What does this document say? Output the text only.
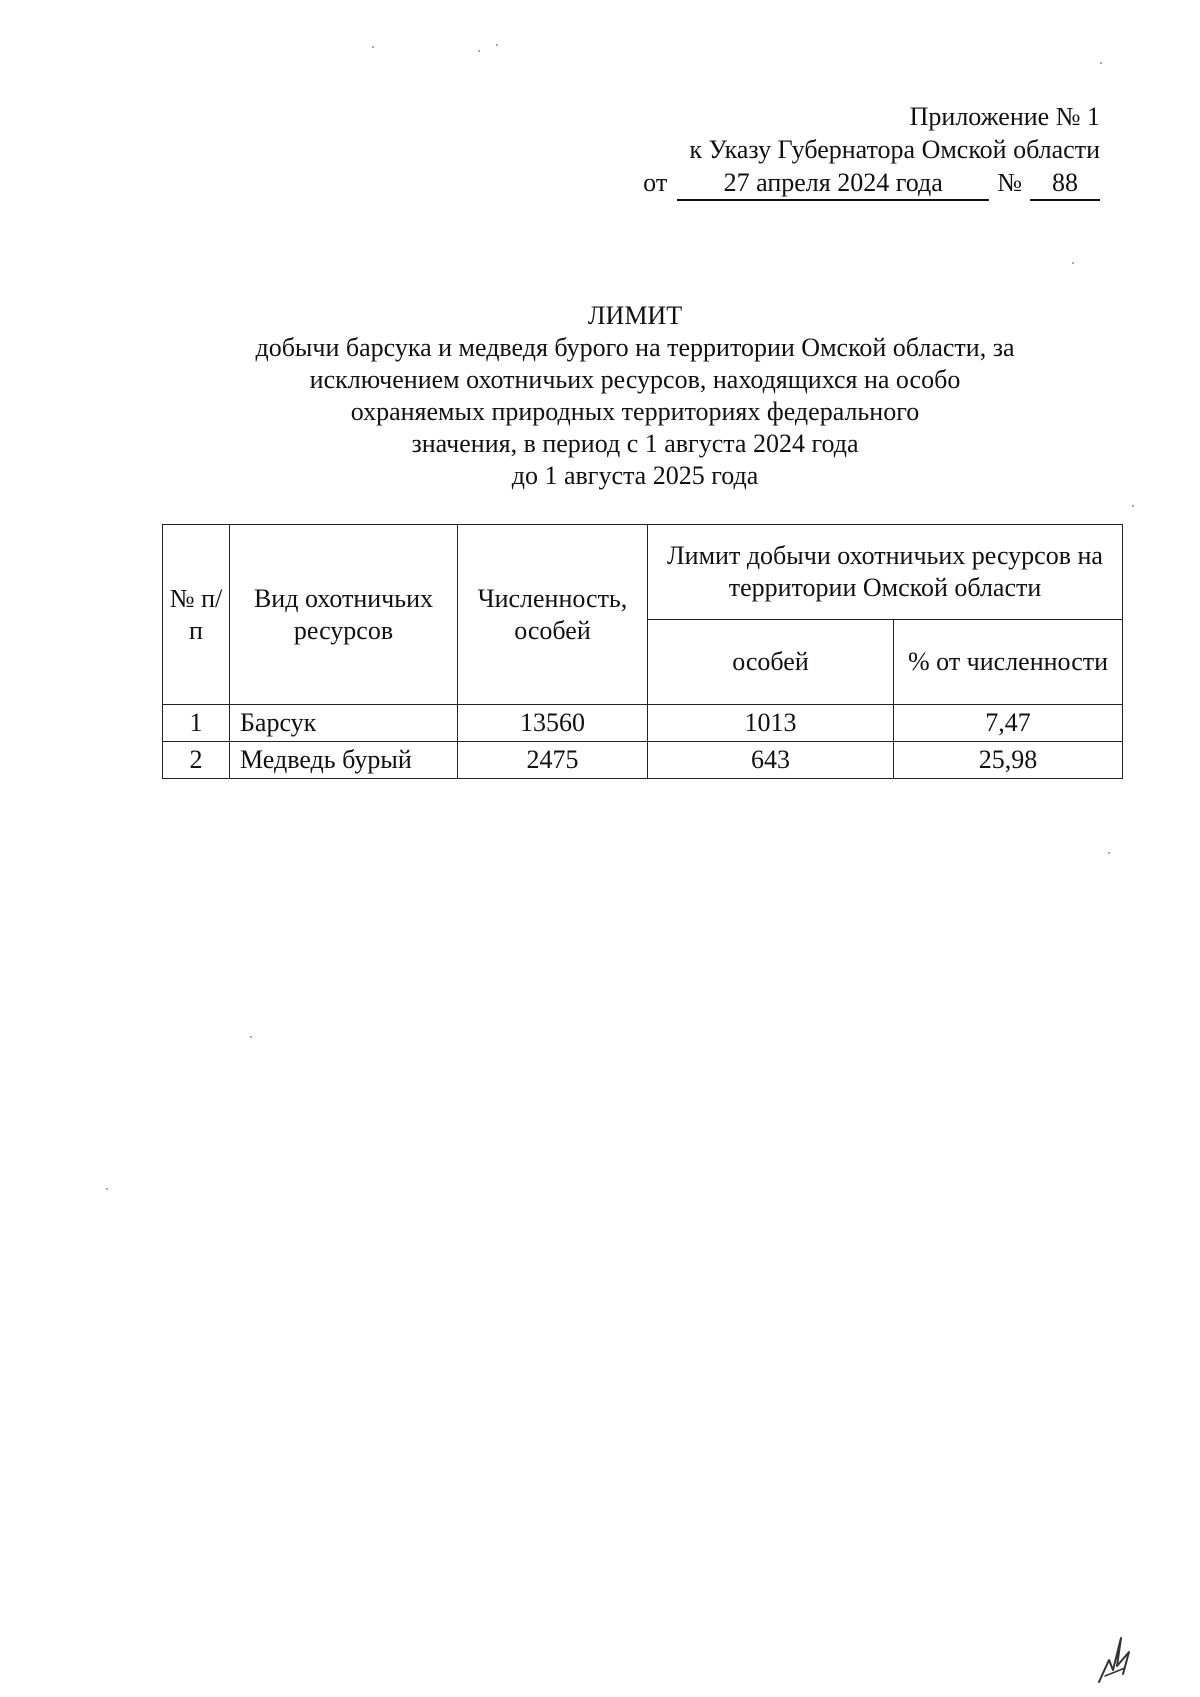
Приложение № 1
к Указу Губернатора Омской области
от 27 апреля 2024 года № 88
ЛИМИТ
добычи барсука и медведя бурого на территории Омской области, за
исключением охотничьих ресурсов, находящихся на особо
охраняемых природных территориях федерального
значения, в период с 1 августа 2024 года
до 1 августа 2025 года
№ п/п	Вид охотничьих ресурсов	Численность, особей	Лимит добычи охотничьих ресурсов на территории Омской области	
			особей	% от численности
1	Барсук	13560	1013	7,47
2	Медведь бурый	2475	643	25,98
